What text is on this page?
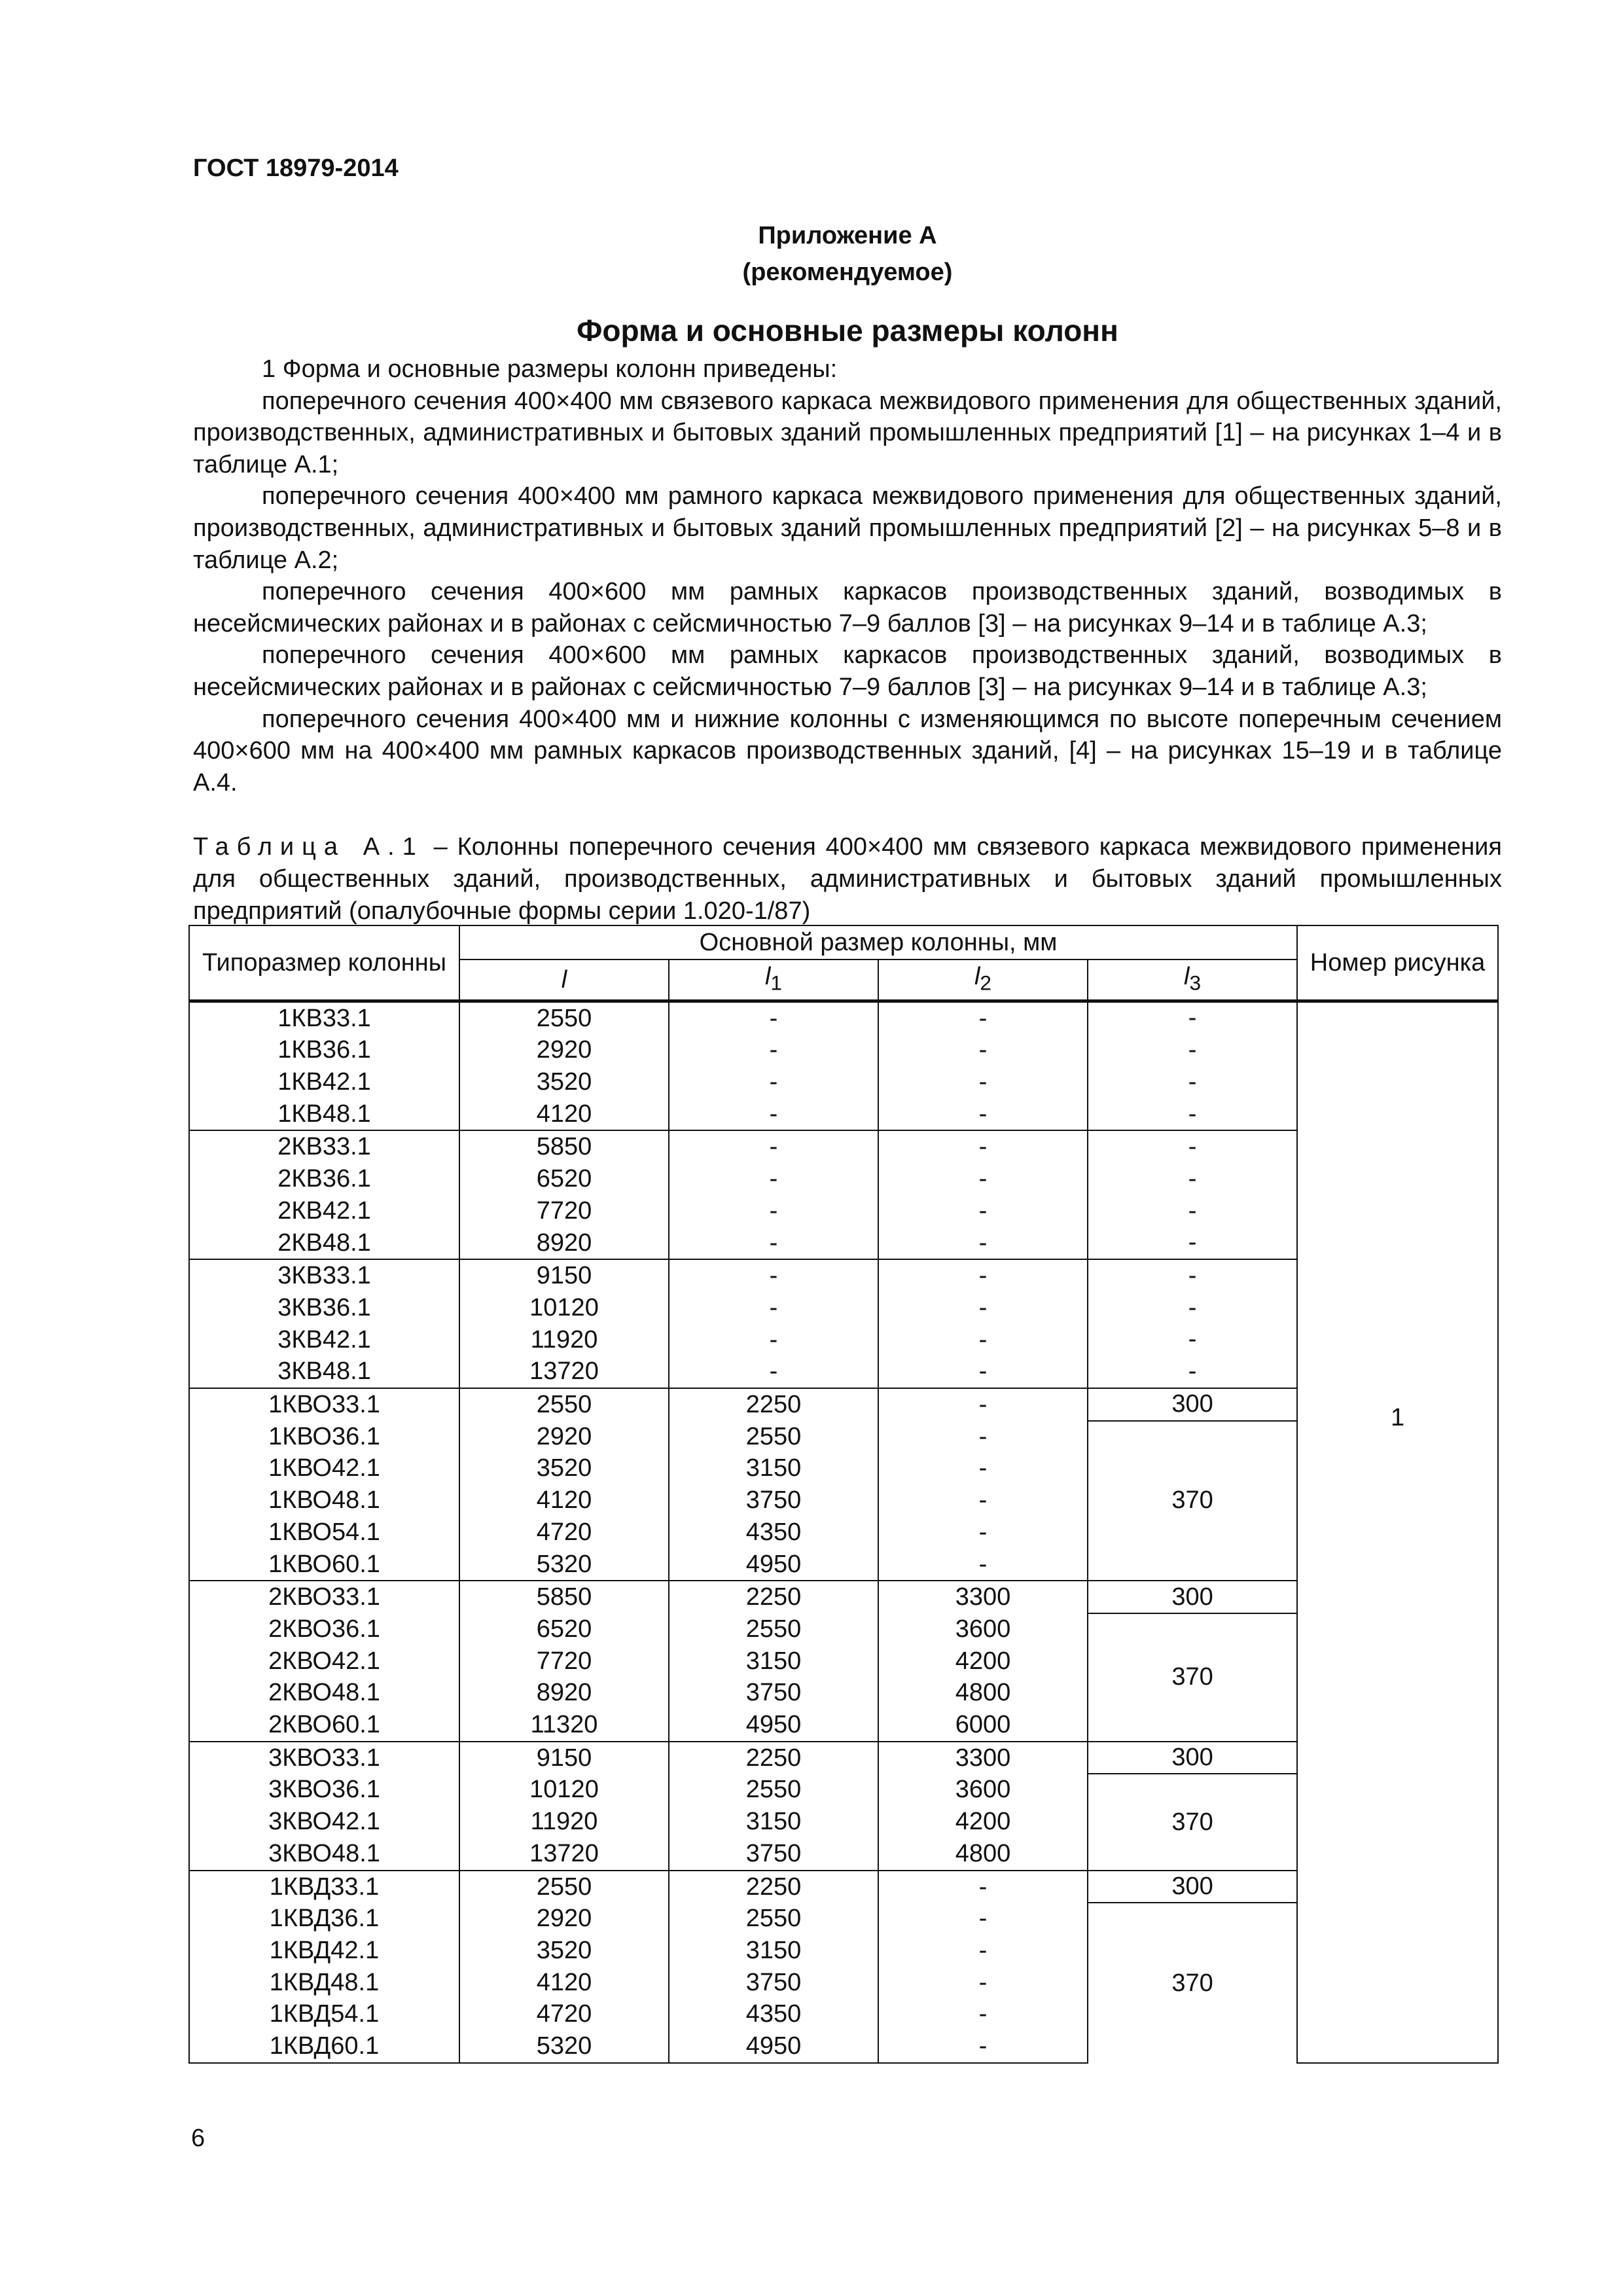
ГОСТ 18979-2014
Приложение А
(рекомендуемое)
Форма и основные размеры колонн

1 Форма и основные размеры колонн приведены:

поперечного сечения 400×400 мм связевого каркаса межвидового применения для общественных зданий, производственных, административных и бытовых зданий промышленных предприятий [1] – на рисунках 1–4 и в таблице А.1;

поперечного сечения 400×400 мм рамного каркаса межвидового применения для общественных зданий, производственных, административных и бытовых зданий промышленных предприятий [2] – на рисунках 5–8 и в таблице А.2;

поперечного сечения 400×600 мм рамных каркасов производственных зданий, возводимых в несейсмических районах и в районах с сейсмичностью 7–9 баллов [3] – на рисунках 9–14 и в таблице А.3;

поперечного сечения 400×600 мм рамных каркасов производственных зданий, возводимых в несейсмических районах и в районах с сейсмичностью 7–9 баллов [3] – на рисунках 9–14 и в таблице А.3;

поперечного сечения 400×400 мм и нижние колонны с изменяющимся по высоте поперечным сечением 400×600 мм на 400×400 мм рамных каркасов производственных зданий, [4] – на рисунках 15–19 и в таблице А.4.

Таблица А.1 – Колонны поперечного сечения 400×400 мм связевого каркаса межвидового применения для общественных зданий, производственных, административных и бытовых зданий промышленных предприятий (опалубочные формы серии 1.020-1/87)

Типоразмер колонны	Основной размер колонны, мм				Номер рисунка
	l	$l_1$	$l_2$	$l_3$
1КВ33.1	2550	-	-	-	1
1КВ36.1	2920	-	-	-	
1КВ42.1	3520	-	-	-	
1КВ48.1	4120	-	-	-	
2КВ33.1	5850	-	-	-	
2КВ36.1	6520	-	-	-	
2КВ42.1	7720	-	-	-	
2КВ48.1	8920	-	-	-	
3КВ33.1	9150	-	-	-	
3КВ36.1	10120	-	-	-	
3КВ42.1	11920	-	-	-	
3КВ48.1	13720	-	-	-	
1КВО33.1	2550	2250	-	300	
1КВО36.1	2920	2550	-	370	
1КВО42.1	3520	3150	-		
1КВО48.1	4120	3750	-		
1КВО54.1	4720	4350	-		
1КВО60.1	5320	4950	-		
2КВО33.1	5850	2250	3300	300	
2КВО36.1	6520	2550	3600	370	
2КВО42.1	7720	3150	4200		
2КВО48.1	8920	3750	4800		
2КВО60.1	11320	4950	6000		
3КВО33.1	9150	2250	3300	300	
3КВО36.1	10120	2550	3600	370	
3КВО42.1	11920	3150	4200		
3КВО48.1	13720	3750	4800		
1КВД33.1	2550	2250	-	300	
1КВД36.1	2920	2550	-	370	
1КВД42.1	3520	3150	-		
1КВД48.1	4120	3750	-		
1КВД54.1	4720	4350	-		
1КВД60.1	5320	4950	-		
6
